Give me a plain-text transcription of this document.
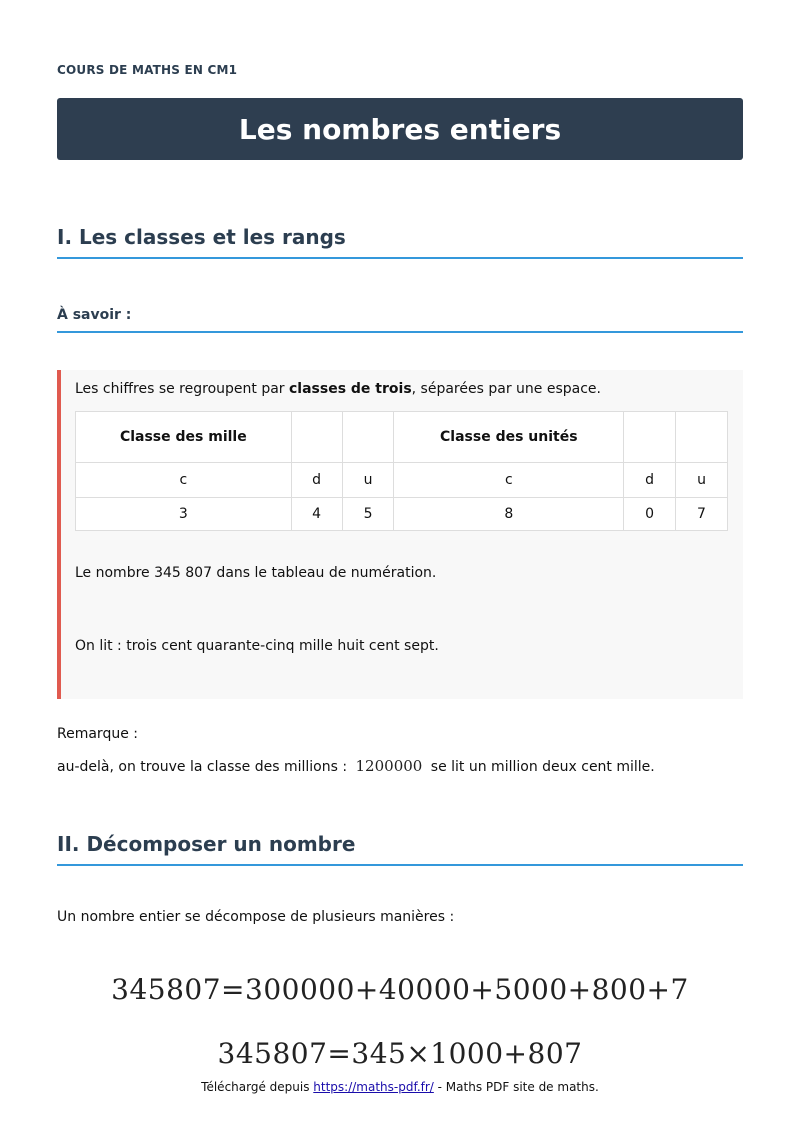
COURS DE MATHS EN CM1
Les nombres entiers
I. Les classes et les rangs
À savoir :
Les chiffres se regroupent par classes de trois, séparées par une espace.
Classe des mille			Classe des unités		
c	d	u	c	d	u
3	4	5	8	0	7
Le nombre 345 807 dans le tableau de numération.
On lit : trois cent quarante-cinq mille huit cent sept.
Remarque :
au-delà, on trouve la classe des millions : 1200000 se lit un million deux cent mille.
II. Décomposer un nombre
Un nombre entier se décompose de plusieurs manières :
345807=300000+40000+5000+800+7
345807=345×1000+807
Téléchargé depuis https://maths-pdf.fr/ - Maths PDF site de maths.
